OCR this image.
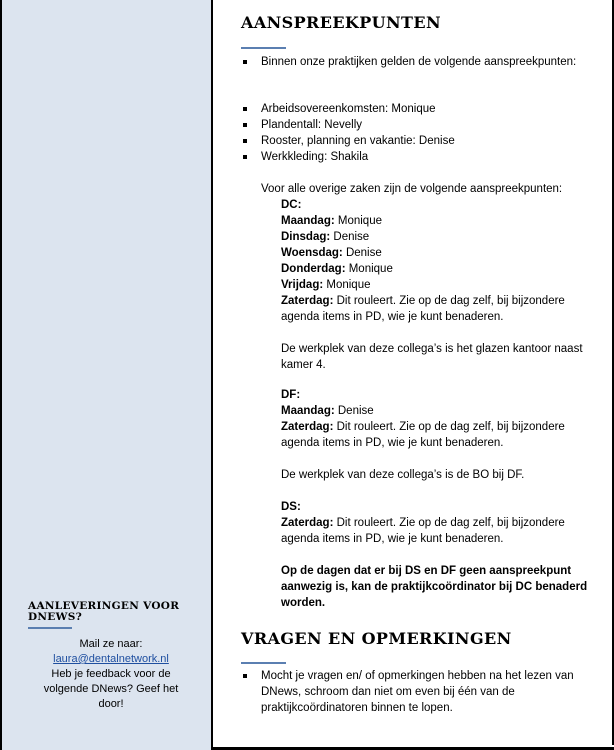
AANLEVERINGEN VOOR DNEWS?

Mail ze naar:

laura@dentalnetwork.nl

Heb je feedback voor de volgende DNews? Geef het door!

AANSPREEKPUNTEN
Binnen onze praktijken gelden de volgende aanspreekpunten:
Arbeidsovereenkomsten: Monique
Plandentall: Nevelly
Rooster, planning en vakantie: Denise
Werkkleding: Shakila
Voor alle overige zaken zijn de volgende aanspreekpunten:
DC:
Maandag: Monique
Dinsdag: Denise
Woensdag: Denise
Donderdag: Monique
Vrijdag: Monique
Zaterdag: Dit rouleert. Zie op de dag zelf, bij bijzondere agenda items in PD, wie je kunt benaderen.
De werkplek van deze collega’s is het glazen kantoor naast kamer 4.
DF:
Maandag: Denise
Zaterdag: Dit rouleert. Zie op de dag zelf, bij bijzondere agenda items in PD, wie je kunt benaderen.
De werkplek van deze collega’s is de BO bij DF.
DS:
Zaterdag: Dit rouleert. Zie op de dag zelf, bij bijzondere agenda items in PD, wie je kunt benaderen.
Op de dagen dat er bij DS en DF geen aanspreekpunt aanwezig is, kan de praktijkcoördinator bij DC benaderd worden.
VRAGEN EN OPMERKINGEN
Mocht je vragen en/ of opmerkingen hebben na het lezen van DNews, schroom dan niet om even bij één van de praktijkcoördinatoren binnen te lopen.
